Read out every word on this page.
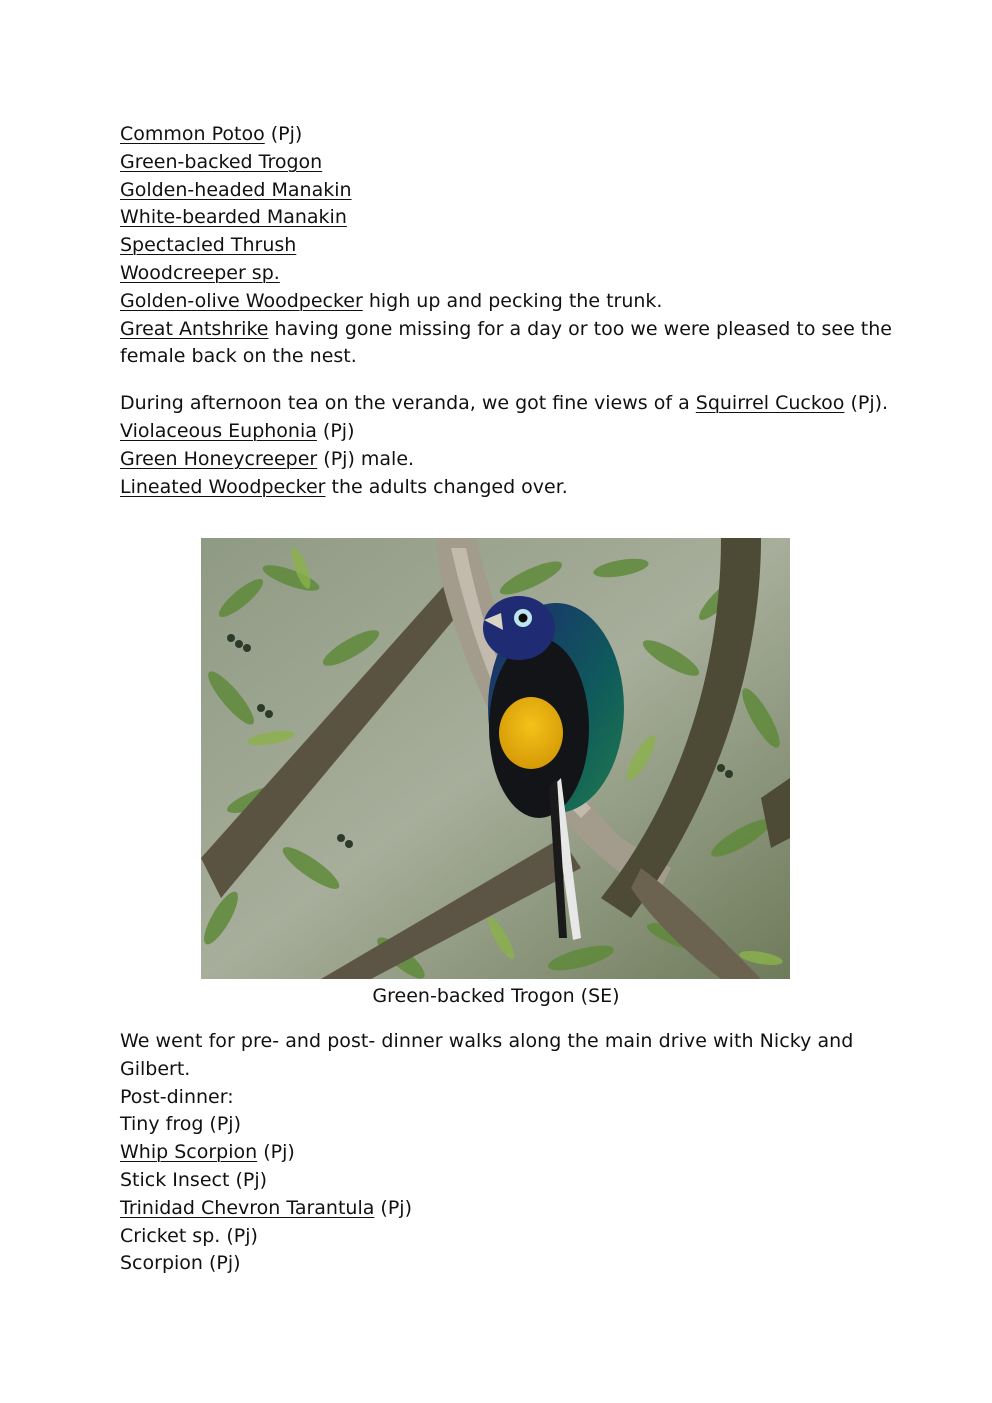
Common Potoo (Pj)
Green-backed Trogon
Golden-headed Manakin
White-bearded Manakin
Spectacled Thrush
Woodcreeper sp.
Golden-olive Woodpecker high up and pecking the trunk.
Great Antshrike having gone missing for a day or too we were pleased to see the
female back on the nest.
During afternoon tea on the veranda, we got fine views of a Squirrel Cuckoo (Pj).
Violaceous Euphonia (Pj)
Green Honeycreeper (Pj) male.
Lineated Woodpecker the adults changed over.
Green-backed Trogon (SE)
We went for pre- and post- dinner walks along the main drive with Nicky and
Gilbert.
Post-dinner:
Tiny frog (Pj)
Whip Scorpion (Pj)
Stick Insect (Pj)
Trinidad Chevron Tarantula (Pj)
Cricket sp. (Pj)
Scorpion (Pj)
